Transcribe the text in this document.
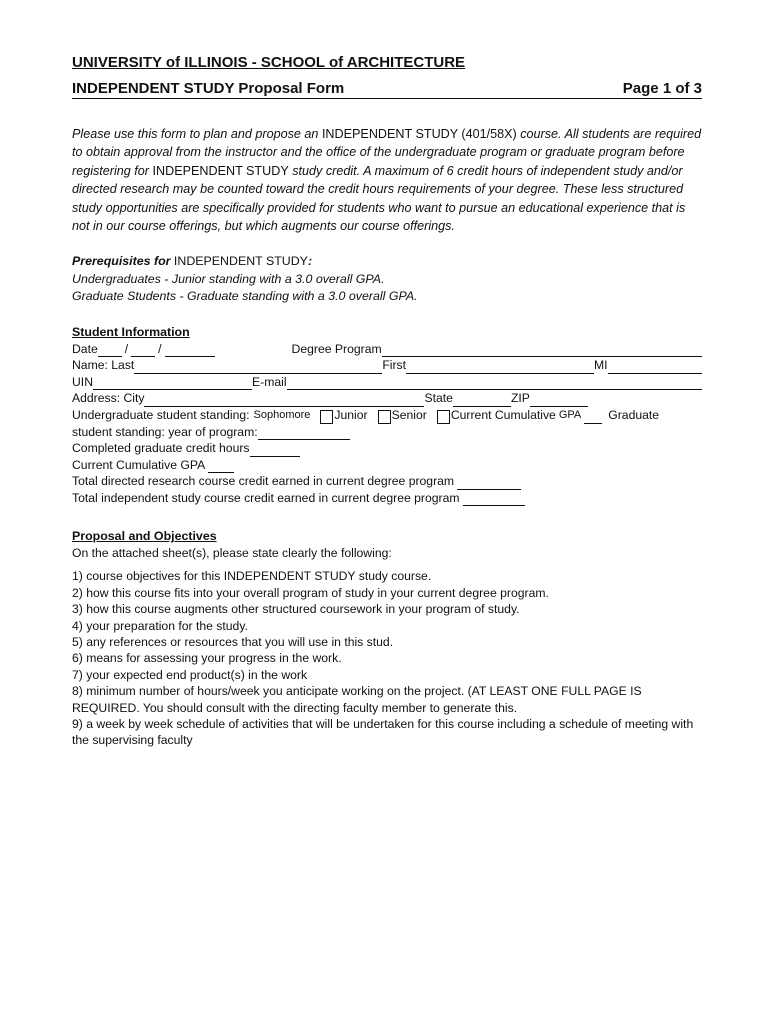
UNIVERSITY of ILLINOIS - SCHOOL of ARCHITECTURE
INDEPENDENT STUDY Proposal Form	Page 1 of 3
Please use this form to plan and propose an INDEPENDENT STUDY (401/58X) course. All students are required to obtain approval from the instructor and the office of the undergraduate program or graduate program before registering for INDEPENDENT STUDY study credit. A maximum of 6 credit hours of independent study and/or directed research may be counted toward the credit hours requirements of your degree. These less structured study opportunities are specifically provided for students who want to pursue an educational experience that is not in our course offerings, but which augments our course offerings.
Prerequisites for INDEPENDENT STUDY:
Undergraduates - Junior standing with a 3.0 overall GPA.
Graduate Students - Graduate standing with a 3.0 overall GPA.
Student Information
Date / /	Degree Program
Name: Last	First	MI
UIN	E-mail
Address: City	State	ZIP
Undergraduate student standing: Sophomore Junior Senior Current Cumulative GPA Graduate
student standing: year of program:
Completed graduate credit hours
Current Cumulative GPA
Total directed research course credit earned in current degree program
Total independent study course credit earned in current degree program
Proposal and Objectives
On the attached sheet(s), please state clearly the following:
1) course objectives for this INDEPENDENT STUDY study course.
2) how this course fits into your overall program of study in your current degree program.
3) how this course augments other structured coursework in your program of study.
4) your preparation for the study.
5) any references or resources that you will use in this stud.
6) means for assessing your progress in the work.
7) your expected end product(s) in the work
8) minimum number of hours/week you anticipate working on the project. (AT LEAST ONE FULL PAGE IS REQUIRED. You should consult with the directing faculty member to generate this.
9) a week by week schedule of activities that will be undertaken for this course including a schedule of meeting with the supervising faculty
